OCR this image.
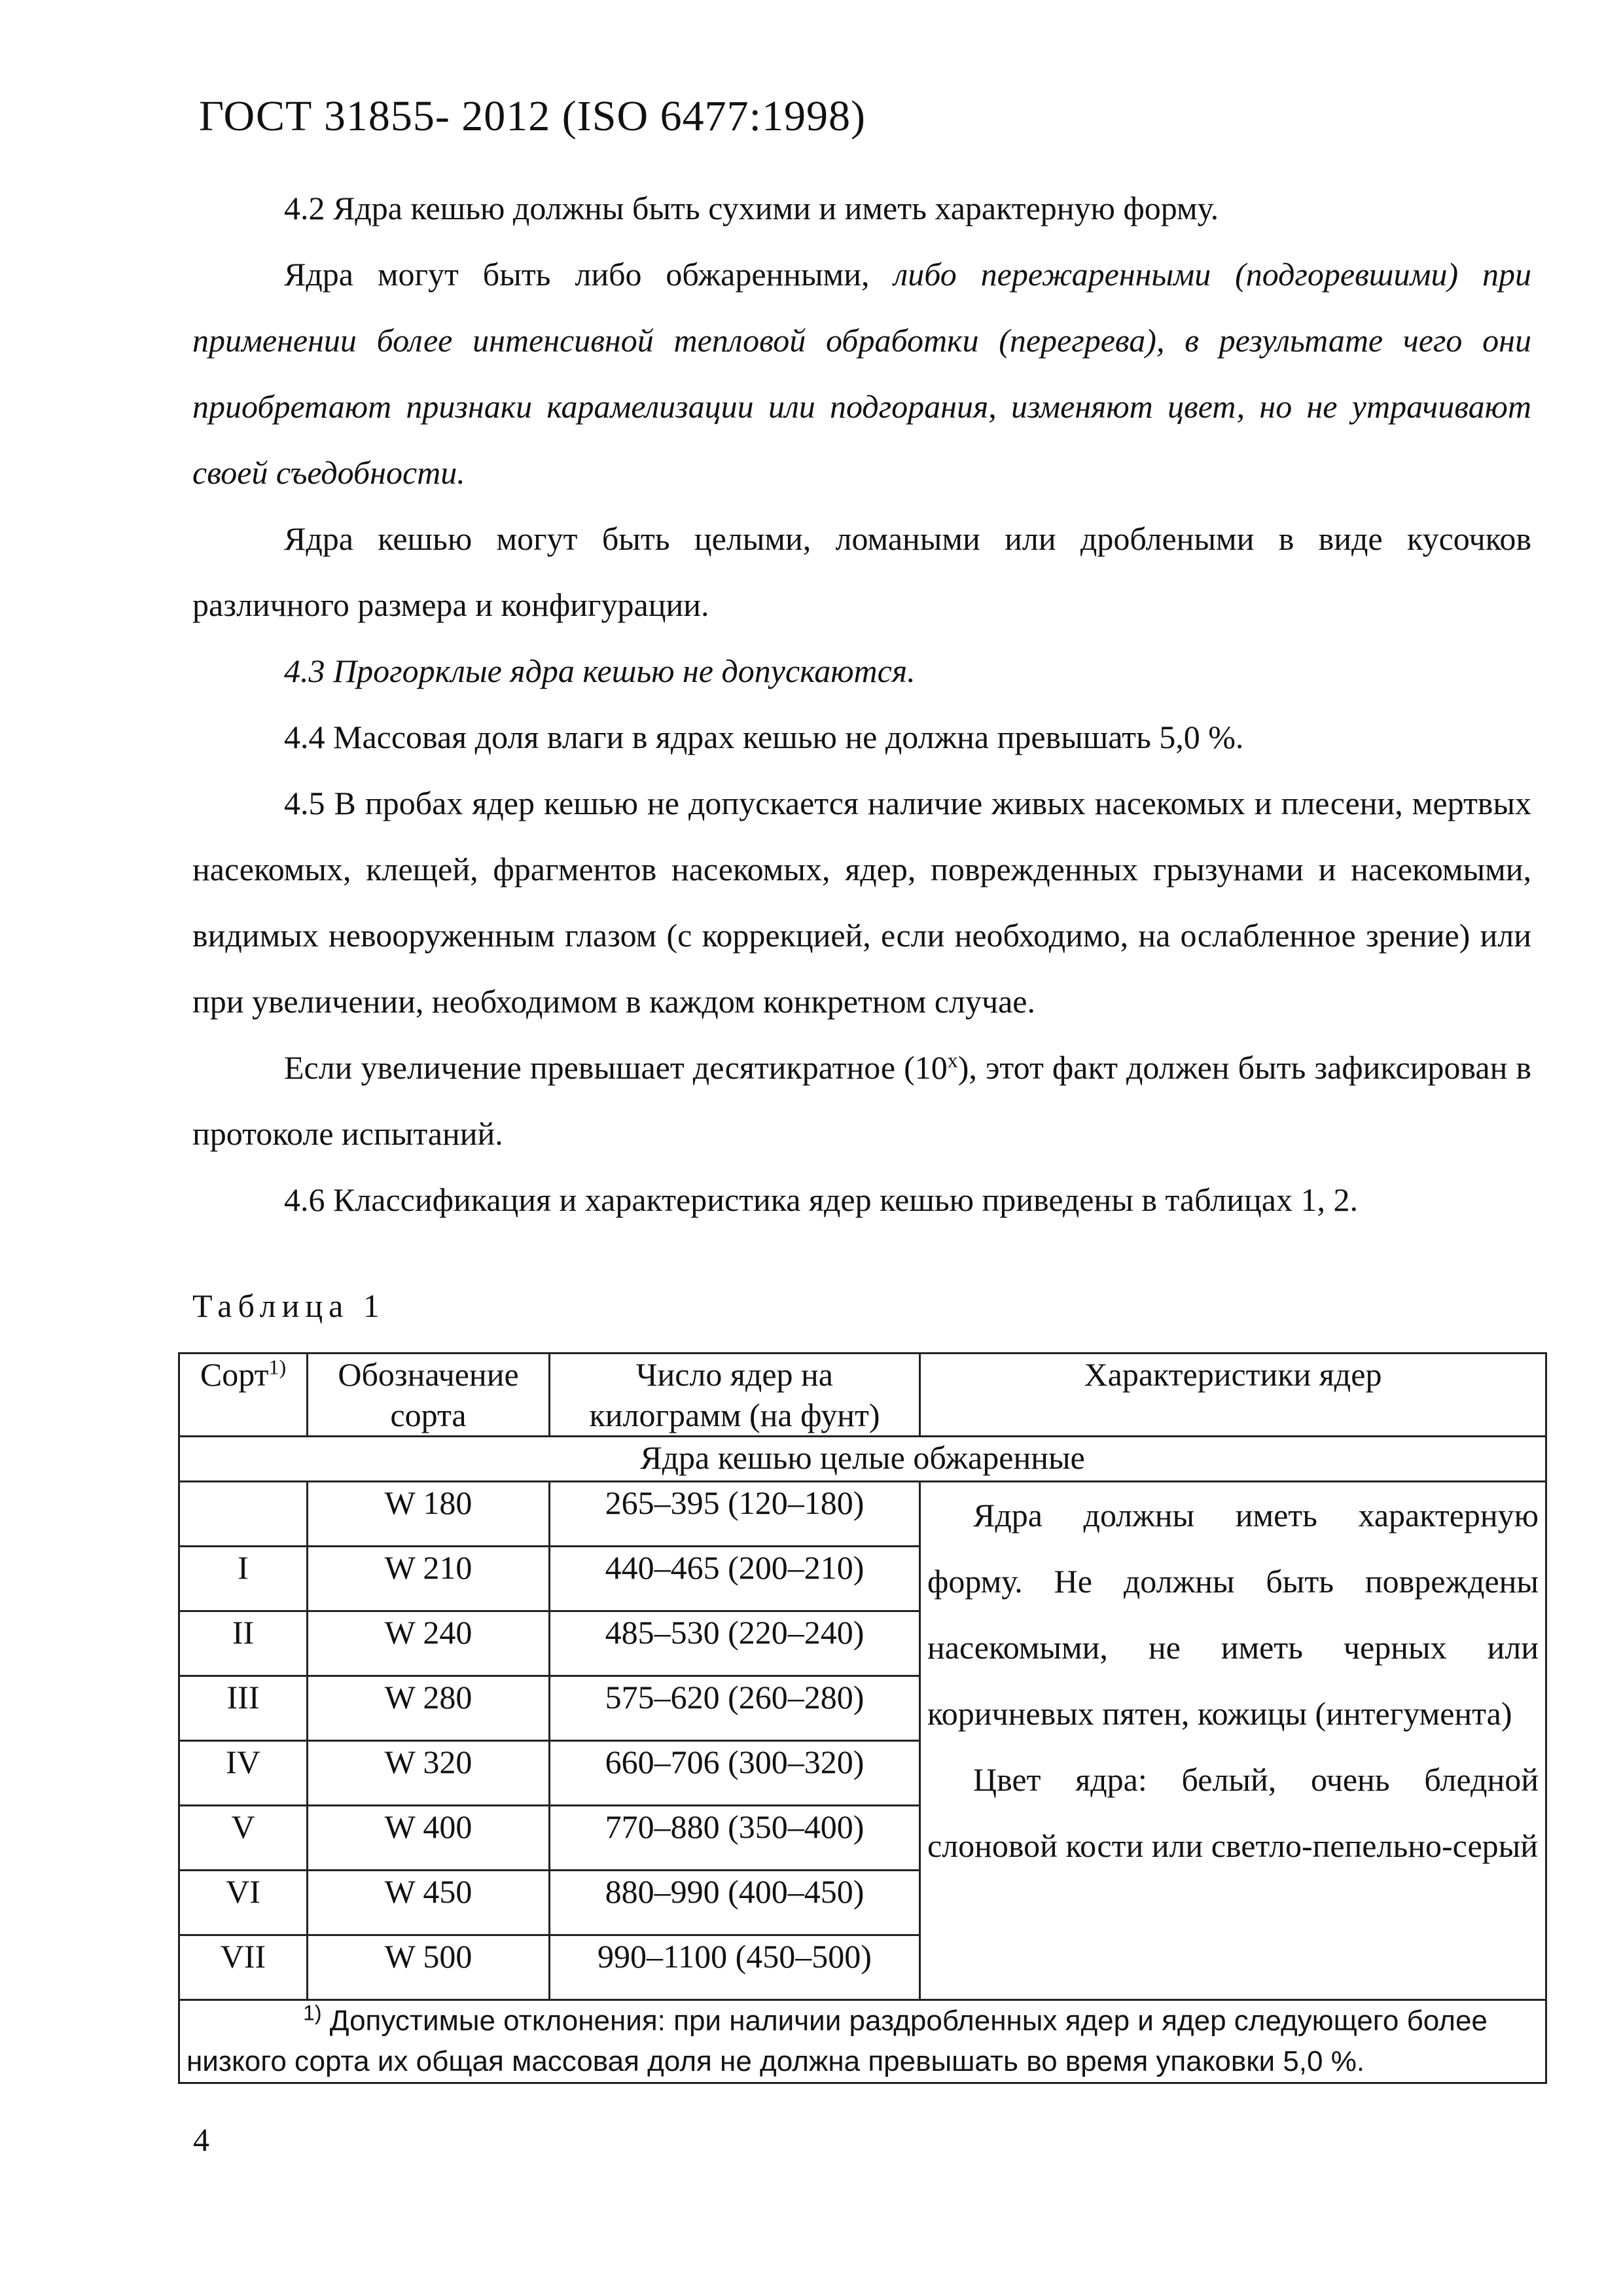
ГОСТ 31855- 2012 (ISO 6477:1998)

4.2 Ядра кешью должны быть сухими и иметь характерную форму.

Ядра могут быть либо обжаренными, либо пережаренными (подгоревшими) при применении более интенсивной тепловой обработки (перегрева), в результате чего они приобретают признаки карамелизации или подгорания, изменяют цвет, но не утрачивают своей съедобности.

Ядра кешью могут быть целыми, ломаными или дроблеными в виде кусочков различного размера и конфигурации.

4.3 Прогорклые ядра кешью не допускаются.

4.4 Массовая доля влаги в ядрах кешью не должна превышать 5,0 %.

4.5 В пробах ядер кешью не допускается наличие живых насекомых и плесени, мертвых насекомых, клещей, фрагментов насекомых, ядер, поврежденных грызунами и насекомыми, видимых невооруженным глазом (с коррекцией, если необходимо, на ослабленное зрение) или при увеличении, необходимом в каждом конкретном случае.

Если увеличение превышает десятикратное (10$^x$), этот факт должен быть зафиксирован в протоколе испытаний.

4.6 Классификация и характеристика ядер кешью приведены в таблицах 1, 2.

Таблица 1
Сорт$^{1)}$	Обозначение сорта	Число ядер на килограмм (на фунт)	Характеристики ядер
Ядра кешью целые обжаренные			
	W 180	265–395 (120–180)	Ядра должны иметь характерную форму. Не должны быть повреждены насекомыми, не иметь черных или коричневых пятен, кожицы (интегумента)

Цвет ядра: белый, очень бледной слоновой кости или светло-пепельно-серый

I	W 210	440–465 (200–210)	
II	W 240	485–530 (220–240)	
III	W 280	575–620 (260–280)	
IV	W 320	660–706 (300–320)	
V	W 400	770–880 (350–400)	
VI	W 450	880–990 (400–450)	
VII	W 500	990–1100 (450–500)	

$^{1)}$ Допустимые отклонения: при наличии раздробленных ядер и ядер следующего более низкого сорта их общая массовая доля не должна превышать во время упаковки 5,0 %.			
4
